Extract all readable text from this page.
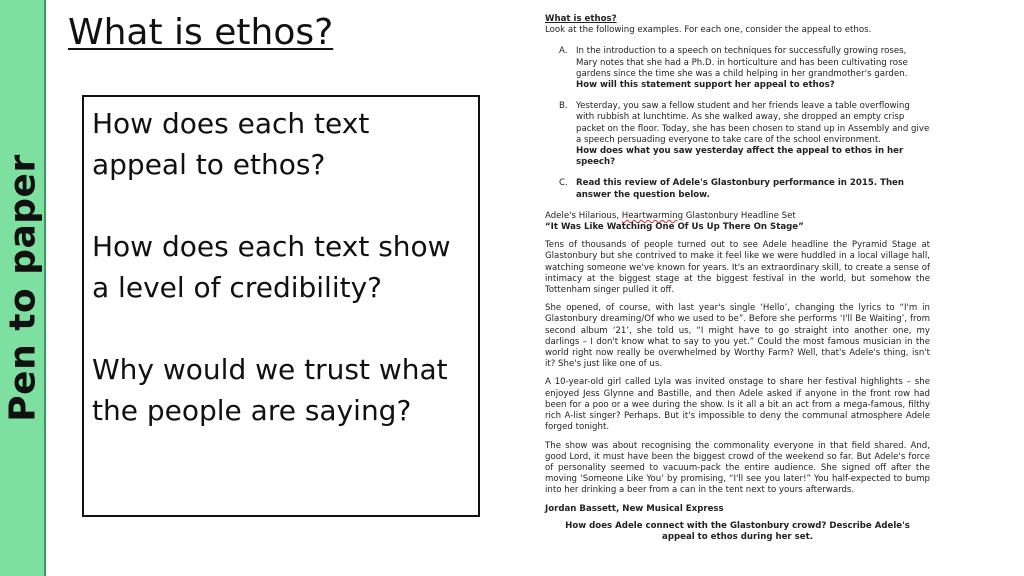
Pen to paper
What is ethos?

How does each text appeal to ethos?

How does each text show a level of credibility?

Why would we trust what the people are saying?

What is ethos?
Look at the following examples. For each one, consider the appeal to ethos.
A. In the introduction to a speech on techniques for successfully growing roses, Mary notes that she had a Ph.D. in horticulture and has been cultivating rose gardens since the time she was a child helping in her grandmother's garden.
How will this statement support her appeal to ethos?
B. Yesterday, you saw a fellow student and her friends leave a table overflowing with rubbish at lunchtime. As she walked away, she dropped an empty crisp packet on the floor. Today, she has been chosen to stand up in Assembly and give a speech persuading everyone to take care of the school environment.
How does what you saw yesterday affect the appeal to ethos in her speech?
C. Read this review of Adele's Glastonbury performance in 2015. Then answer the question below.
Adele's Hilarious, Heartwarming Glastonbury Headline Set
“It Was Like Watching One Of Us Up There On Stage”

Tens of thousands of people turned out to see Adele headline the Pyramid Stage at Glastonbury but she contrived to make it feel like we were huddled in a local village hall, watching someone we've known for years. It's an extraordinary skill, to create a sense of intimacy at the biggest stage at the biggest festival in the world, but somehow the Tottenham singer pulled it off.

She opened, of course, with last year's single ‘Hello’, changing the lyrics to “I'm in Glastonbury dreaming/Of who we used to be”. Before she performs ‘I'll Be Waiting’, from second album ‘21’, she told us, “I might have to go straight into another one, my darlings – I don't know what to say to you yet.” Could the most famous musician in the world right now really be overwhelmed by Worthy Farm? Well, that's Adele's thing, isn't it? She's just like one of us.

A 10-year-old girl called Lyla was invited onstage to share her festival highlights – she enjoyed Jess Glynne and Bastille, and then Adele asked if anyone in the front row had been for a poo or a wee during the show. Is it all a bit an act from a mega-famous, filthy rich A-list singer? Perhaps. But it's impossible to deny the communal atmosphere Adele forged tonight.

The show was about recognising the commonality everyone in that field shared. And, good Lord, it must have been the biggest crowd of the weekend so far. But Adele's force of personality seemed to vacuum-pack the entire audience. She signed off after the moving ‘Someone Like You’ by promising, “I'll see you later!” You half-expected to bump into her drinking a beer from a can in the tent next to yours afterwards.

Jordan Bassett, New Musical Express
How does Adele connect with the Glastonbury crowd? Describe Adele's appeal to ethos during her set.
